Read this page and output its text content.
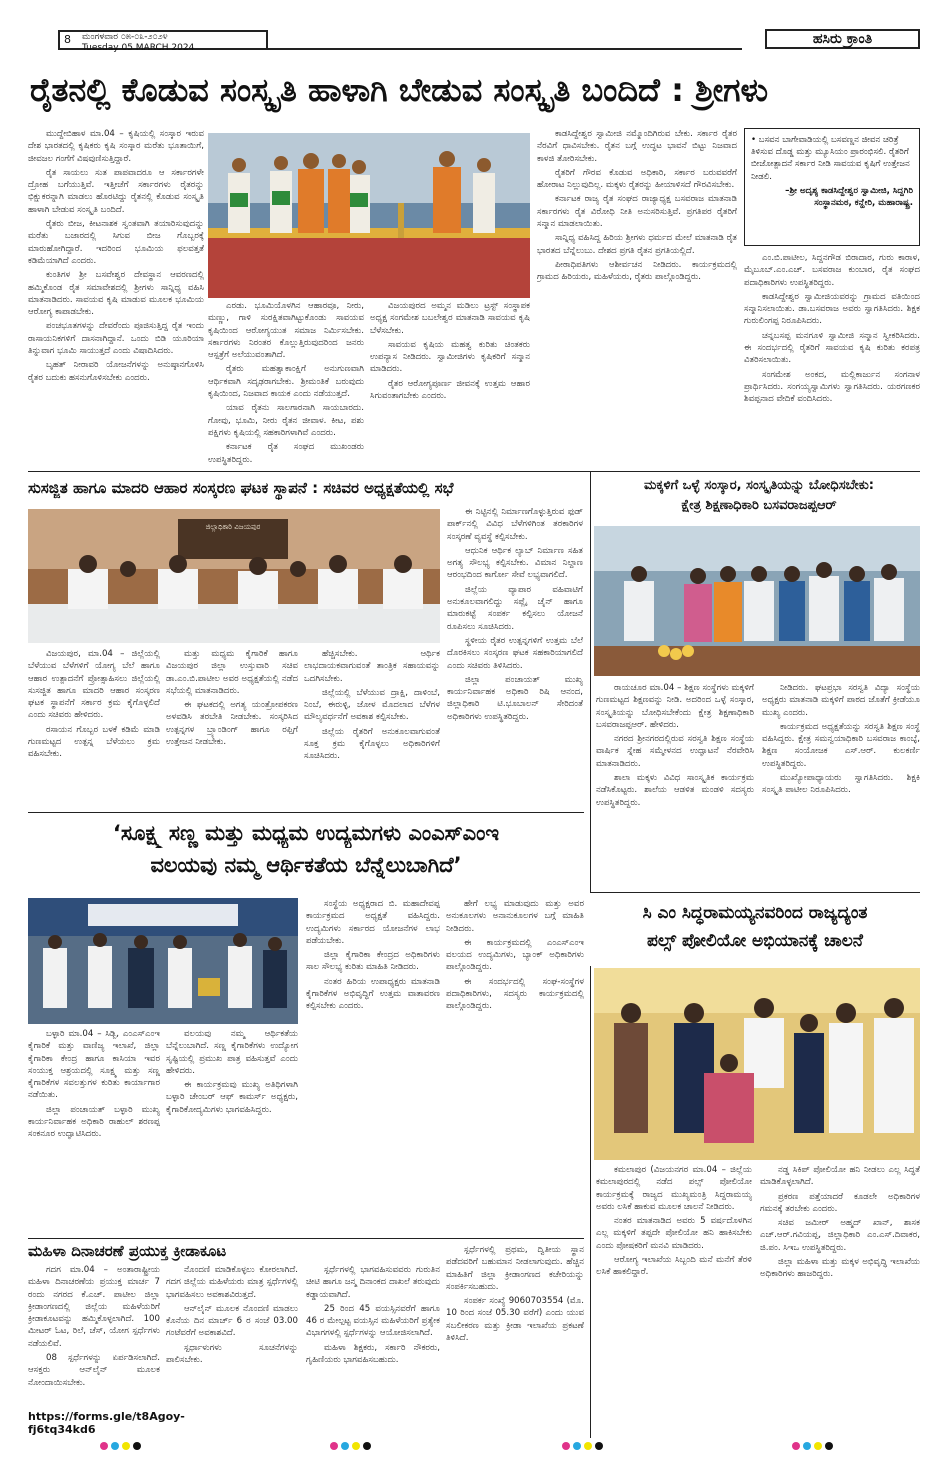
8 ಮಂಗಳವಾರ ೦೫-೦೩-೨೦೨೪
Tuesday 05 MARCH 2024
ಹಸಿರು ಕ್ರಾಂತಿ
ರೈತನಲ್ಲಿ ಕೊಡುವ ಸಂಸ್ಕೃತಿ ಹಾಳಾಗಿ ಬೇಡುವ ಸಂಸ್ಕೃತಿ ಬಂದಿದೆ : ಶ್ರೀಗಳು

ಮುದ್ದೇಬಿಹಾಳ ಮಾ.04 – ಕೃಷಿಯಲ್ಲಿ ಸಂಸ್ಕಾರ ಇರುವ ದೇಶ ಭಾರತದಲ್ಲಿ ಕೃಷಿಕರು ಕೃಷಿ ಸಂಸ್ಕಾರ ಮರೆತು ಭೂತಾಯಿಗೆ, ಜೀವಜಲ ಗಂಗೆಗೆ ವಿಷವುಣಿಸುತ್ತಿದ್ದಾರೆ.

ರೈತ ಸಾಯಲು ಸುತ ಪಾಪವಾದರೂ ಆ ಸರ್ಕಾರಗಳೇ ದ್ರೋಹ ಬಗೆಯುತ್ತಿವೆ. ಇತ್ತೀಚೆಗೆ ಸರ್ಕಾರಗಳು ರೈತರನ್ನು ಭಿಕ್ಷುಕರನ್ನಾಗಿ ಮಾಡಲು ಹೊರಟಿದ್ದು ರೈತನಲ್ಲಿ ಕೊಡುವ ಸಂಸ್ಕೃತಿ ಹಾಳಾಗಿ ಬೇಡುವ ಸಂಸ್ಕೃತಿ ಬಂದಿದೆ.

ರೈತರು ಬೀಜ, ಕೀಟನಾಶಕ ಸ್ವಂತವಾಗಿ ತಯಾರಿಸುವುದನ್ನು ಮರೆತು ಬಜಾರದಲ್ಲಿ ಸಿಗುವ ಬೀಜ ಗೊಬ್ಬರಕ್ಕೆ ಮಾರುಹೋಗಿದ್ದಾರೆ. ಇದರಿಂದ ಭೂಮಿಯ ಫಲವತ್ತತೆ ಕಡಿಮೆಯಾಗಿದೆ ಎಂದರು.

ಕುಂತಿಗಳ ಶ್ರೀ ಬಸವೇಶ್ವರ ದೇವಸ್ಥಾನ ಆವರಣದಲ್ಲಿ ಹಮ್ಮಿಕೊಂಡ ರೈತ ಸಮಾವೇಶದಲ್ಲಿ ಶ್ರೀಗಳು ಸಾನ್ನಿಧ್ಯ ವಹಿಸಿ ಮಾತನಾಡಿದರು. ಸಾವಯವ ಕೃಷಿ ಮಾಡುವ ಮೂಲಕ ಭೂಮಿಯ ಆರೋಗ್ಯ ಕಾಪಾಡಬೇಕು.

ಪಂಚಭೂತಗಳನ್ನು ದೇವರೆಂದು ಪೂಜಿಸುತ್ತಿದ್ದ ರೈತ ಇಂದು ರಾಸಾಯನಿಕಗಳಿಗೆ ದಾಸನಾಗಿದ್ದಾನೆ. ಒಂದು ಬಿಡಿ ಯೂರಿಯಾ ತಿನ್ನುವಾಗ ಭೂಮಿ ಸಾಯುತ್ತದೆ ಎಂದು ವಿಷಾದಿಸಿದರು.

ಬೃಹತ್ ನೀರಾವರಿ ಯೋಜನೆಗಳನ್ನು ಅನುಷ್ಠಾನಗೊಳಿಸಿ ರೈತರ ಬದುಕು ಹಸನುಗೊಳಿಸಬೇಕು ಎಂದರು.

ಎರಡು. ಭೂಮಿಯೊಳಗಿನ ಆಹಾರವೂ, ನೀರು, ಮಣ್ಣು, ಗಾಳಿ ಸುರಕ್ಷಿತವಾಗಿಟ್ಟುಕೊಂಡು ಸಾವಯವ ಕೃಷಿಯಿಂದ ಆರೋಗ್ಯಯುತ ಸಮಾಜ ನಿರ್ಮಿಸಬೇಕು. ಸರ್ಕಾರಗಳು ನಿರಂತರ ಕೊಲ್ಲುತ್ತಿರುವುದರಿಂದ ಜನರು ಆಸ್ಪತ್ರೆಗೆ ಅಲೆಯುವಂತಾಗಿದೆ.

ರೈತರು ಮಹತ್ವಾಕಾಂಕ್ಷಿಗೆ ಅನುಗುಣವಾಗಿ ಆರ್ಥಿಕವಾಗಿ ಸದೃಢರಾಗಬೇಕು. ಶ್ರೀಮಂತಿಕೆ ಬರುವುದು ಕೃಷಿಯಿಂದ, ನಿಜವಾದ ಕಾಯಕ ಎಂದು ನಡೆಯುತ್ತದೆ.

ಯಾವ ರೈತನು ಸಾಲಗಾರನಾಗಿ ಸಾಯಬಾರದು. ಗೋವು, ಭೂಮಿ, ನೀರು ರೈತನ ಜೀವಾಳ. ಕೀಟ, ಪಶು ಪಕ್ಷಿಗಳು ಕೃಷಿಯಲ್ಲಿ ಸಹಕಾರಿಗಳಾಗಿವೆ ಎಂದರು.

ಕರ್ನಾಟಕ ರೈತ ಸಂಘದ ಮುಖಂಡರು ಉಪಸ್ಥಿತರಿದ್ದರು.

ವಿಜಯಪುರದ ಅಮ್ಮನ ಮಡಿಲು ಟ್ರಸ್ಟ್ ಸಂಸ್ಥಾಪಕ ಅಧ್ಯಕ್ಷ ಸಂಗಮೇಶ ಬಬಲೇಶ್ವರ ಮಾತನಾಡಿ ಸಾವಯವ ಕೃಷಿ ಬೆಳೆಸಬೇಕು.

ಸಾವಯವ ಕೃಷಿಯ ಮಹತ್ವ ಕುರಿತು ಚಿಂತಕರು ಉಪನ್ಯಾಸ ನೀಡಿದರು. ಸ್ವಾಮೀಜಿಗಳು ಕೃಷಿಕರಿಗೆ ಸನ್ಮಾನ ಮಾಡಿದರು.

ರೈತರ ಆರೋಗ್ಯಪೂರ್ಣ ಜೀವನಕ್ಕೆ ಉತ್ತಮ ಆಹಾರ ಸಿಗುವಂತಾಗಬೇಕು ಎಂದರು.

ಕಾಡಸಿದ್ದೇಶ್ವರ ಸ್ವಾಮೀಜಿ ನಮ್ಮೊಂದಿಗಿರುವ ಬೇಕು. ಸರ್ಕಾರ ರೈತರ ನೆರವಿಗೆ ಧಾವಿಸಬೇಕು. ರೈತನ ಬಗ್ಗೆ ಉದ್ಧಟ ಭಾವನೆ ಬಿಟ್ಟು ನಿಜವಾದ ಕಾಳಜಿ ತೋರಿಸಬೇಕು.

ರೈತರಿಗೆ ಗೌರವ ಕೊಡುವ ಅಧಿಕಾರಿ, ಸರ್ಕಾರ ಬರುವವರೆಗೆ ಹೋರಾಟ ನಿಲ್ಲುವುದಿಲ್ಲ. ಮಕ್ಕಳು ರೈತರನ್ನು ಹೀಯಾಳಿಸದೆ ಗೌರವಿಸಬೇಕು.

ಕರ್ನಾಟಕ ರಾಜ್ಯ ರೈತ ಸಂಘದ ರಾಜ್ಯಾಧ್ಯಕ್ಷ ಬಸವರಾಜ ಮಾತನಾಡಿ ಸರ್ಕಾರಗಳು ರೈತ ವಿರೋಧಿ ನೀತಿ ಅನುಸರಿಸುತ್ತಿವೆ. ಪ್ರಗತಿಪರ ರೈತರಿಗೆ ಸನ್ಮಾನ ಮಾಡಲಾಯಿತು.

ಸಾನ್ನಿಧ್ಯ ವಹಿಸಿದ್ದ ಹಿರಿಯ ಶ್ರೀಗಳು ಧರ್ಮದ ಮೇಲೆ ಮಾತನಾಡಿ ರೈತ ಭಾರತದ ಬೆನ್ನೆಲುಬು. ದೇಶದ ಪ್ರಗತಿ ರೈತನ ಪ್ರಗತಿಯಲ್ಲಿದೆ.

ಪೀಠಾಧಿಪತಿಗಳು ಆಶೀರ್ವಚನ ನೀಡಿದರು. ಕಾರ್ಯಕ್ರಮದಲ್ಲಿ ಗ್ರಾಮದ ಹಿರಿಯರು, ಮಹಿಳೆಯರು, ರೈತರು ಪಾಲ್ಗೊಂಡಿದ್ದರು.

• ಬಸವನ ಬಾಗೇವಾಡಿಯಲ್ಲಿ ಬಸವಣ್ಣನ ಜೀವನ ಚರಿತ್ರೆ ತಿಳಿಸುವ ದೊಡ್ಡ ಮತ್ತು ಮ್ಯೂಸಿಯಂ ಪ್ರಾರಂಭಿಸಲಿ. ರೈತರಿಗೆ ಬೀಜೋತ್ಪಾದನೆ ಸರ್ಕಾರ ನೀಡಿ ಸಾವಯವ ಕೃಷಿಗೆ ಉತ್ತೇಜನ ನೀಡಲಿ.
–ಶ್ರೀ ಅದೃಶ್ಯ ಕಾಡಸಿದ್ದೇಶ್ವರ ಸ್ವಾಮೀಜಿ, ಸಿದ್ದಗಿರಿ ಸಂಸ್ಥಾನಮಠ, ಕನ್ಹೇರಿ, ಮಹಾರಾಷ್ಟ್ರ.

ಎಂ.ಬಿ.ಪಾಟೀಲ, ಸಿದ್ದನಗೌಡ ಬಿರಾದಾರ, ಗುರು ಕಾರಾಳ, ಮೈಬೂಬ್.ಎಂ.ಎಚ್. ಬಸವರಾಜ ಕುಂಬಾರ, ರೈತ ಸಂಘದ ಪದಾಧಿಕಾರಿಗಳು ಉಪಸ್ಥಿತರಿದ್ದರು.

ಕಾಡಸಿದ್ದೇಶ್ವರ ಸ್ವಾಮೀಜಿಯವರನ್ನು ಗ್ರಾಮದ ವತಿಯಿಂದ ಸನ್ಮಾನಿಸಲಾಯಿತು. ಡಾ.ಬಸವರಾಜ ಅವರು ಸ್ವಾಗತಿಸಿದರು. ಶಿಕ್ಷಕ ಗುರುಲಿಂಗಪ್ಪ ನಿರೂಪಿಸಿದರು.

ಚನ್ನಬಸಪ್ಪ ಮನಗೂಳಿ ಸ್ವಾಮೀಜಿ ಸನ್ಮಾನ ಸ್ವೀಕರಿಸಿದರು. ಈ ಸಂದರ್ಭದಲ್ಲಿ ರೈತರಿಗೆ ಸಾವಯವ ಕೃಷಿ ಕುರಿತು ಕರಪತ್ರ ವಿತರಿಸಲಾಯಿತು.

ಸಂಗಮೇಶ ಅಂಕದ, ಮಲ್ಲಿಕಾರ್ಜುನ ಸಂಗನಾಳ ಪ್ರಾರ್ಥಿಸಿದರು. ಸಂಗಯ್ಯಸ್ವಾಮಿಗಳು ಸ್ವಾಗತಿಸಿದರು. ಯರಗಣಕರ ಶಿವಪ್ಪನಾದ ವೇದಿಕೆ ವಂದಿಸಿದರು.

ಸುಸಜ್ಜಿತ ಹಾಗೂ ಮಾದರಿ ಆಹಾರ ಸಂಸ್ಕರಣ ಘಟಕ ಸ್ಥಾಪನೆ : ಸಚಿವರ ಅಧ್ಯಕ್ಷತೆಯಲ್ಲಿ ಸಭೆ
ಜಿಲ್ಲಾಧಿಕಾರಿ ವಿಜಯಪುರ

ಈ ನಿಟ್ಟಿನಲ್ಲಿ ನಿರ್ಮಾಣಗೊಳ್ಳುತ್ತಿರುವ ಫುಡ್ ಪಾರ್ಕ್‌ನಲ್ಲಿ ವಿವಿಧ ಬೆಳೆಗಳಿಗಿಂತ ತರಕಾರಿಗಳ ಸಂಸ್ಕರಣೆ ವ್ಯವಸ್ಥೆ ಕಲ್ಪಿಸಬೇಕು.

ಆಧುನಿಕ ಆರ್ಥಿಕ ಲ್ಯಾಬ್ ನಿರ್ಮಾಣ ಸಹಿತ ಅಗತ್ಯ ಸೌಲಭ್ಯ ಕಲ್ಪಿಸಬೇಕು. ವಿಮಾನ ನಿಲ್ದಾಣ ಆರಂಭದಿಂದ ಕಾರ್ಗೋ ಸೇವೆ ಲಭ್ಯವಾಗಲಿದೆ.

ಜಿಲ್ಲೆಯ ವ್ಯಾಪಾರ ವಹಿವಾಟಿಗೆ ಅನುಕೂಲವಾಗಲಿದ್ದು ಸಪ್ಲೈ ಚೈನ್ ಹಾಗೂ ಮಾರುಕಟ್ಟೆ ಸಂಪರ್ಕ ಕಲ್ಪಿಸಲು ಯೋಜನೆ ರೂಪಿಸಲು ಸೂಚಿಸಿದರು.

ಸ್ಥಳೀಯ ರೈತರ ಉತ್ಪನ್ನಗಳಿಗೆ ಉತ್ತಮ ಬೆಲೆ ದೊರಕಿಸಲು ಸಂಸ್ಕರಣ ಘಟಕ ಸಹಕಾರಿಯಾಗಲಿದೆ ಎಂದು ಸಚಿವರು ತಿಳಿಸಿದರು.

ಜಿಲ್ಲಾ ಪಂಚಾಯತ್ ಮುಖ್ಯ ಕಾರ್ಯನಿರ್ವಾಹಕ ಅಧಿಕಾರಿ ರಿಷಿ ಆನಂದ, ಜಿಲ್ಲಾಧಿಕಾರಿ ಟಿ.ಭೂಬಾಲನ್ ಸೇರಿದಂತೆ ಅಧಿಕಾರಿಗಳು ಉಪಸ್ಥಿತರಿದ್ದರು.

ವಿಜಯಪುರ, ಮಾ.04 – ಜಿಲ್ಲೆಯಲ್ಲಿ ಬೆಳೆಯುವ ಬೆಳೆಗಳಿಗೆ ಯೋಗ್ಯ ಬೆಲೆ ಹಾಗೂ ಆಹಾರ ಉತ್ಪಾದನೆಗೆ ಪ್ರೋತ್ಸಾಹಿಸಲು ಜಿಲ್ಲೆಯಲ್ಲಿ ಸುಸಜ್ಜಿತ ಹಾಗೂ ಮಾದರಿ ಆಹಾರ ಸಂಸ್ಕರಣ ಘಟಕ ಸ್ಥಾಪನೆಗೆ ಸರ್ಕಾರ ಕ್ರಮ ಕೈಗೊಳ್ಳಲಿದೆ ಎಂದು ಸಚಿವರು ಹೇಳಿದರು.

ರಸಾಯನ ಗೊಬ್ಬರ ಬಳಕೆ ಕಡಿಮೆ ಮಾಡಿ ಗುಣಮಟ್ಟದ ಉತ್ಪನ್ನ ಬೆಳೆಯಲು ಕ್ರಮ ವಹಿಸಬೇಕು.

ಮತ್ತು ಮಧ್ಯಮ ಕೈಗಾರಿಕೆ ಹಾಗೂ ವಿಜಯಪುರ ಜಿಲ್ಲಾ ಉಸ್ತುವಾರಿ ಸಚಿವ ಡಾ.ಎಂ.ಬಿ.ಪಾಟೀಲ ಅವರ ಅಧ್ಯಕ್ಷತೆಯಲ್ಲಿ ನಡೆದ ಸಭೆಯಲ್ಲಿ ಮಾತನಾಡಿದರು.

ಈ ಘಟಕದಲ್ಲಿ ಅಗತ್ಯ ಯಂತ್ರೋಪಕರಣ ಅಳವಡಿಸಿ ತರಬೇತಿ ನೀಡಬೇಕು. ಸಂಸ್ಕರಿಸಿದ ಉತ್ಪನ್ನಗಳ ಬ್ರ್ಯಾಂಡಿಂಗ್ ಹಾಗೂ ರಫ್ತಿಗೆ ಉತ್ತೇಜನ ನೀಡಬೇಕು.

ಹೆಚ್ಚಿಸಬೇಕು. ಆರ್ಥಿಕ ಲಾಭದಾಯಕವಾಗುವಂತೆ ತಾಂತ್ರಿಕ ಸಹಾಯವನ್ನು ಒದಗಿಸಬೇಕು.

ಜಿಲ್ಲೆಯಲ್ಲಿ ಬೆಳೆಯುವ ದ್ರಾಕ್ಷಿ, ದಾಳಿಂಬೆ, ನಿಂಬೆ, ಈರುಳ್ಳಿ, ಜೋಳ ಮೊದಲಾದ ಬೆಳೆಗಳ ಮೌಲ್ಯವರ್ಧನೆಗೆ ಅವಕಾಶ ಕಲ್ಪಿಸಬೇಕು.

ಜಿಲ್ಲೆಯ ರೈತರಿಗೆ ಅನುಕೂಲವಾಗುವಂತೆ ಸೂಕ್ತ ಕ್ರಮ ಕೈಗೊಳ್ಳಲು ಅಧಿಕಾರಿಗಳಿಗೆ ಸೂಚಿಸಿದರು.

ಮಕ್ಕಳಿಗೆ ಒಳ್ಳೆ ಸಂಸ್ಕಾರ, ಸಂಸ್ಕೃತಿಯನ್ನು ಬೋಧಿಸಬೇಕು:
ಕ್ಷೇತ್ರ ಶಿಕ್ಷಣಾಧಿಕಾರಿ ಬಸವರಾಜಪ್ಪಆರ್

ರಾಯಚೂರ ಮಾ.04 – ಶಿಕ್ಷಣ ಸಂಸ್ಥೆಗಳು ಮಕ್ಕಳಿಗೆ ಗುಣಮಟ್ಟದ ಶಿಕ್ಷಣವನ್ನು ನೀಡಿ. ಅದರಿಂದ ಒಳ್ಳೆ ಸಂಸ್ಕಾರ, ಸಂಸ್ಕೃತಿಯನ್ನು ಬೋಧಿಸಬೇಕೆಂದು ಕ್ಷೇತ್ರ ಶಿಕ್ಷಣಾಧಿಕಾರಿ ಬಸವರಾಜಪ್ಪಆರ್. ಹೇಳಿದರು.

ನಗರದ ಶ್ರೀನಗರದಲ್ಲಿರುವ ಸರಸ್ವತಿ ಶಿಕ್ಷಣ ಸಂಸ್ಥೆಯ ವಾರ್ಷಿಕ ಸ್ನೇಹ ಸಮ್ಮೇಳನದ ಉದ್ಘಾಟನೆ ನೆರವೇರಿಸಿ ಮಾತನಾಡಿದರು.

ಶಾಲಾ ಮಕ್ಕಳು ವಿವಿಧ ಸಾಂಸ್ಕೃತಿಕ ಕಾರ್ಯಕ್ರಮ ನಡೆಸಿಕೊಟ್ಟರು. ಶಾಲೆಯ ಆಡಳಿತ ಮಂಡಳಿ ಸದಸ್ಯರು ಉಪಸ್ಥಿತರಿದ್ದರು.

ನೀಡಿದರು. ಘಟಪ್ರಭಾ ಸರಸ್ವತಿ ವಿದ್ಯಾ ಸಂಸ್ಥೆಯ ಅಧ್ಯಕ್ಷರು ಮಾತನಾಡಿ ಮಕ್ಕಳಿಗೆ ಪಾಠದ ಜೊತೆಗೆ ಕ್ರೀಡೆಯೂ ಮುಖ್ಯ ಎಂದರು.

ಕಾರ್ಯಕ್ರಮದ ಅಧ್ಯಕ್ಷತೆಯನ್ನು ಸರಸ್ವತಿ ಶಿಕ್ಷಣ ಸಂಸ್ಥೆ ವಹಿಸಿದ್ದರು. ಕ್ಷೇತ್ರ ಸಮನ್ವಯಾಧಿಕಾರಿ ಬಸವರಾಜ ಕಾಂಬ್ಳೆ, ಶಿಕ್ಷಣ ಸಂಯೋಜಕ ಎಸ್.ಆರ್. ಕುಲಕರ್ಣಿ ಉಪಸ್ಥಿತರಿದ್ದರು.

ಮುಖ್ಯೋಪಾಧ್ಯಾಯರು ಸ್ವಾಗತಿಸಿದರು. ಶಿಕ್ಷಕಿ ಸಂಸ್ಕೃತಿ ಪಾಟೀಲ ನಿರೂಪಿಸಿದರು.

‘ಸೂಕ್ಷ್ಮ ಸಣ್ಣ ಮತ್ತು ಮಧ್ಯಮ ಉದ್ಯಮಗಳು ಎಂಎಸ್ಎಂಇ
ವಲಯವು ನಮ್ಮ ಆರ್ಥಿಕತೆಯ ಬೆನ್ನೆಲುಬಾಗಿದೆ’

ಸಂಸ್ಥೆಯ ಅಧ್ಯಕ್ಷರಾದ ಬಿ. ಮಹಾದೇವಪ್ಪ ಕಾರ್ಯಕ್ರಮದ ಅಧ್ಯಕ್ಷತೆ ವಹಿಸಿದ್ದರು. ಉದ್ಯಮಿಗಳು ಸರ್ಕಾರದ ಯೋಜನೆಗಳ ಲಾಭ ಪಡೆಯಬೇಕು.

ಜಿಲ್ಲಾ ಕೈಗಾರಿಕಾ ಕೇಂದ್ರದ ಅಧಿಕಾರಿಗಳು ಸಾಲ ಸೌಲಭ್ಯ ಕುರಿತು ಮಾಹಿತಿ ನೀಡಿದರು.

ನಂತರ ಹಿರಿಯ ಉಪಾಧ್ಯಕ್ಷರು ಮಾತನಾಡಿ ಕೈಗಾರಿಕೆಗಳ ಅಭಿವೃದ್ಧಿಗೆ ಉತ್ತಮ ವಾತಾವರಣ ಕಲ್ಪಿಸಬೇಕು ಎಂದರು.

ಹೇಗೆ ಲಭ್ಯ ಮಾಡುವುದು ಮತ್ತು ಅವರ ಅನುಕೂಲಗಳು ಅನಾನುಕೂಲಗಳ ಬಗ್ಗೆ ಮಾಹಿತಿ ನೀಡಿದರು.

ಈ ಕಾರ್ಯಕ್ರಮದಲ್ಲಿ ಎಂಎಸ್ಎಂಇ ವಲಯದ ಉದ್ಯಮಿಗಳು, ಬ್ಯಾಂಕ್ ಅಧಿಕಾರಿಗಳು ಪಾಲ್ಗೊಂಡಿದ್ದರು.

ಈ ಸಂದರ್ಭದಲ್ಲಿ ಸಂಘ-ಸಂಸ್ಥೆಗಳ ಪದಾಧಿಕಾರಿಗಳು, ಸದಸ್ಯರು ಕಾರ್ಯಕ್ರಮದಲ್ಲಿ ಪಾಲ್ಗೊಂಡಿದ್ದರು.

ಬಳ್ಳಾರಿ ಮಾ.04 – ಸಿಡ್ಬಿ, ಎಂಎಸ್ಎಂಇ ಕೈಗಾರಿಕೆ ಮತ್ತು ವಾಣಿಜ್ಯ ಇಲಾಖೆ, ಜಿಲ್ಲಾ ಕೈಗಾರಿಕಾ ಕೇಂದ್ರ ಹಾಗೂ ಕಾಸಿಯಾ ಇವರ ಸಂಯುಕ್ತ ಆಶ್ರಯದಲ್ಲಿ ಸೂಕ್ಷ್ಮ ಮತ್ತು ಸಣ್ಣ ಕೈಗಾರಿಕೆಗಳ ಸವಲತ್ತುಗಳ ಕುರಿತು ಕಾರ್ಯಾಗಾರ ನಡೆಯಿತು.

ಜಿಲ್ಲಾ ಪಂಚಾಯತ್ ಬಳ್ಳಾರಿ ಮುಖ್ಯ ಕಾರ್ಯನಿರ್ವಾಹಕ ಅಧಿಕಾರಿ ರಾಹುಲ್ ಶರಣಪ್ಪ ಸಂಕನೂರ ಉದ್ಘಾಟಿಸಿದರು.

ವಲಯವು ನಮ್ಮ ಆರ್ಥಿಕತೆಯ ಬೆನ್ನೆಲುಬಾಗಿದೆ. ಸಣ್ಣ ಕೈಗಾರಿಕೆಗಳು ಉದ್ಯೋಗ ಸೃಷ್ಟಿಯಲ್ಲಿ ಪ್ರಮುಖ ಪಾತ್ರ ವಹಿಸುತ್ತವೆ ಎಂದು ಹೇಳಿದರು.

ಈ ಕಾರ್ಯಕ್ರಮವು ಮುಖ್ಯ ಅತಿಥಿಗಳಾಗಿ ಬಳ್ಳಾರಿ ಚೇಂಬರ್ ಆಫ್ ಕಾಮರ್ಸ್ ಅಧ್ಯಕ್ಷರು, ಕೈಗಾರಿಕೋದ್ಯಮಿಗಳು ಭಾಗವಹಿಸಿದ್ದರು.

ಮಹಿಳಾ ದಿನಾಚರಣೆ ಪ್ರಯುಕ್ತ ಕ್ರೀಡಾಕೂಟ

ಗದಗ ಮಾ.04 – ಅಂತಾರಾಷ್ಟ್ರೀಯ ಮಹಿಳಾ ದಿನಾಚರಣೆಯ ಪ್ರಯುಕ್ತ ಮಾರ್ಚ 7 ರಂದು ನಗರದ ಕೆ.ಎಚ್. ಪಾಟೀಲ ಜಿಲ್ಲಾ ಕ್ರೀಡಾಂಗಣದಲ್ಲಿ ಜಿಲ್ಲೆಯ ಮಹಿಳೆಯರಿಗೆ ಕ್ರೀಡಾಕೂಟವನ್ನು ಹಮ್ಮಿಕೊಳ್ಳಲಾಗಿದೆ. 100 ಮೀಟರ್ ಓಟ, ರಿಲೆ, ಚೆಸ್, ಯೋಗ ಸ್ಪರ್ಧೆಗಳು ನಡೆಯಲಿವೆ.

08 ಸ್ಪರ್ಧೆಗಳನ್ನು ಏರ್ಪಡಿಸಲಾಗಿದೆ. ಆಸಕ್ತರು ಆನ್‌ಲೈನ್ ಮೂಲಕ ನೋಂದಾಯಿಸಬೇಕು.

https://forms.gle/t8Agoy-fj6tq34kd6

ನೊಂದಣಿ ಮಾಡಿಕೊಳ್ಳಲು ಕೋರಲಾಗಿದೆ. ಗದಗ ಜಿಲ್ಲೆಯ ಮಹಿಳೆಯರು ಮಾತ್ರ ಸ್ಪರ್ಧೆಗಳಲ್ಲಿ ಭಾಗವಹಿಸಲು ಅವಕಾಶವಿರುತ್ತದೆ.

ಆನ್‌ಲೈನ್ ಮೂಲಕ ನೊಂದಣಿ ಮಾಡಲು ಕೊನೆಯ ದಿನ ಮಾರ್ಚ್ 6 ರ ಸಂಜೆ 03.00 ಗಂಟೆವರೆಗೆ ಅವಕಾಶವಿದೆ.

ಸ್ಪರ್ಧಾಳುಗಳು ಸೂಚನೆಗಳನ್ನು ಪಾಲಿಸಬೇಕು.

ಸ್ಪರ್ಧೆಗಳಲ್ಲಿ ಭಾಗವಹಿಸುವವರು ಗುರುತಿನ ಚೀಟಿ ಹಾಗೂ ಜನ್ಮ ದಿನಾಂಕದ ದಾಖಲೆ ತರುವುದು ಕಡ್ಡಾಯವಾಗಿದೆ.

25 ರಿಂದ 45 ವಯಸ್ಸಿನವರೆಗೆ ಹಾಗೂ 46 ರ ಮೇಲ್ಪಟ್ಟ ವಯಸ್ಸಿನ ಮಹಿಳೆಯರಿಗೆ ಪ್ರತ್ಯೇಕ ವಿಭಾಗಗಳಲ್ಲಿ ಸ್ಪರ್ಧೆಗಳನ್ನು ಆಯೋಜಿಸಲಾಗಿದೆ.

ಮಹಿಳಾ ಶಿಕ್ಷಕರು, ಸರ್ಕಾರಿ ನೌಕರರು, ಗೃಹಿಣಿಯರು ಭಾಗವಹಿಸಬಹುದು.

ಸ್ಪರ್ಧೆಗಳಲ್ಲಿ ಪ್ರಥಮ, ದ್ವಿತೀಯ ಸ್ಥಾನ ಪಡೆದವರಿಗೆ ಬಹುಮಾನ ನೀಡಲಾಗುವುದು. ಹೆಚ್ಚಿನ ಮಾಹಿತಿಗೆ ಜಿಲ್ಲಾ ಕ್ರೀಡಾಂಗಣದ ಕಚೇರಿಯನ್ನು ಸಂಪರ್ಕಿಸಬಹುದು.

ಸಂಪರ್ಕ ಸಂಖ್ಯೆ 9060703554 (ಮೊ. 10 ರಿಂದ ಸಂಜೆ 05.30 ವರೆಗೆ) ಎಂದು ಯುವ ಸಬಲೀಕರಣ ಮತ್ತು ಕ್ರೀಡಾ ಇಲಾಖೆಯ ಪ್ರಕಟಣೆ ತಿಳಿಸಿದೆ.

ಸಿ ಎಂ ಸಿದ್ಧರಾಮಯ್ಯನವರಿಂದ ರಾಜ್ಯದ್ಯಂತ
ಪಲ್ಸ್ ಪೋಲಿಯೋ ಅಭಿಯಾನಕ್ಕೆ ಚಾಲನೆ

ಕಮಲಾಪುರ (ವಿಜಯನಗರ ಮಾ.04 – ಜಿಲ್ಲೆಯ ಕಮಲಾಪುರದಲ್ಲಿ ನಡೆದ ಪಲ್ಸ್ ಪೋಲಿಯೋ ಕಾರ್ಯಕ್ರಮಕ್ಕೆ ರಾಜ್ಯದ ಮುಖ್ಯಮಂತ್ರಿ ಸಿದ್ದರಾಮಯ್ಯ ಅವರು ಲಸಿಕೆ ಹಾಕುವ ಮೂಲಕ ಚಾಲನೆ ನೀಡಿದರು.

ನಂತರ ಮಾತನಾಡಿದ ಅವರು 5 ವರ್ಷದೊಳಗಿನ ಎಲ್ಲ ಮಕ್ಕಳಿಗೆ ತಪ್ಪದೇ ಪೋಲಿಯೋ ಹನಿ ಹಾಕಿಸಬೇಕು ಎಂದು ಪೋಷಕರಿಗೆ ಮನವಿ ಮಾಡಿದರು.

ಆರೋಗ್ಯ ಇಲಾಖೆಯ ಸಿಬ್ಬಂದಿ ಮನೆ ಮನೆಗೆ ತೆರಳಿ ಲಸಿಕೆ ಹಾಕಲಿದ್ದಾರೆ.

ನಡ್ಡ ಸಿಕಿಪ್ ಪೋಲಿಯೋ ಹನಿ ನೀಡಲು ಎಲ್ಲ ಸಿದ್ಧತೆ ಮಾಡಿಕೊಳ್ಳಲಾಗಿದೆ.

ಪ್ರಕರಣ ಪತ್ತೆಯಾದರೆ ಕೂಡಲೇ ಅಧಿಕಾರಿಗಳ ಗಮನಕ್ಕೆ ತರಬೇಕು ಎಂದರು.

ಸಚಿವ ಜಮೀರ್ ಅಹ್ಮದ್ ಖಾನ್, ಶಾಸಕ ಎಚ್.ಆರ್.ಗವಿಯಪ್ಪ, ಜಿಲ್ಲಾಧಿಕಾರಿ ಎಂ.ಎಸ್.ದಿವಾಕರ, ಜಿ.ಪಂ. ಸಿಇಒ ಉಪಸ್ಥಿತರಿದ್ದರು.

ಜಿಲ್ಲಾ ಮಹಿಳಾ ಮತ್ತು ಮಕ್ಕಳ ಅಭಿವೃದ್ಧಿ ಇಲಾಖೆಯ ಅಧಿಕಾರಿಗಳು ಹಾಜರಿದ್ದರು.
